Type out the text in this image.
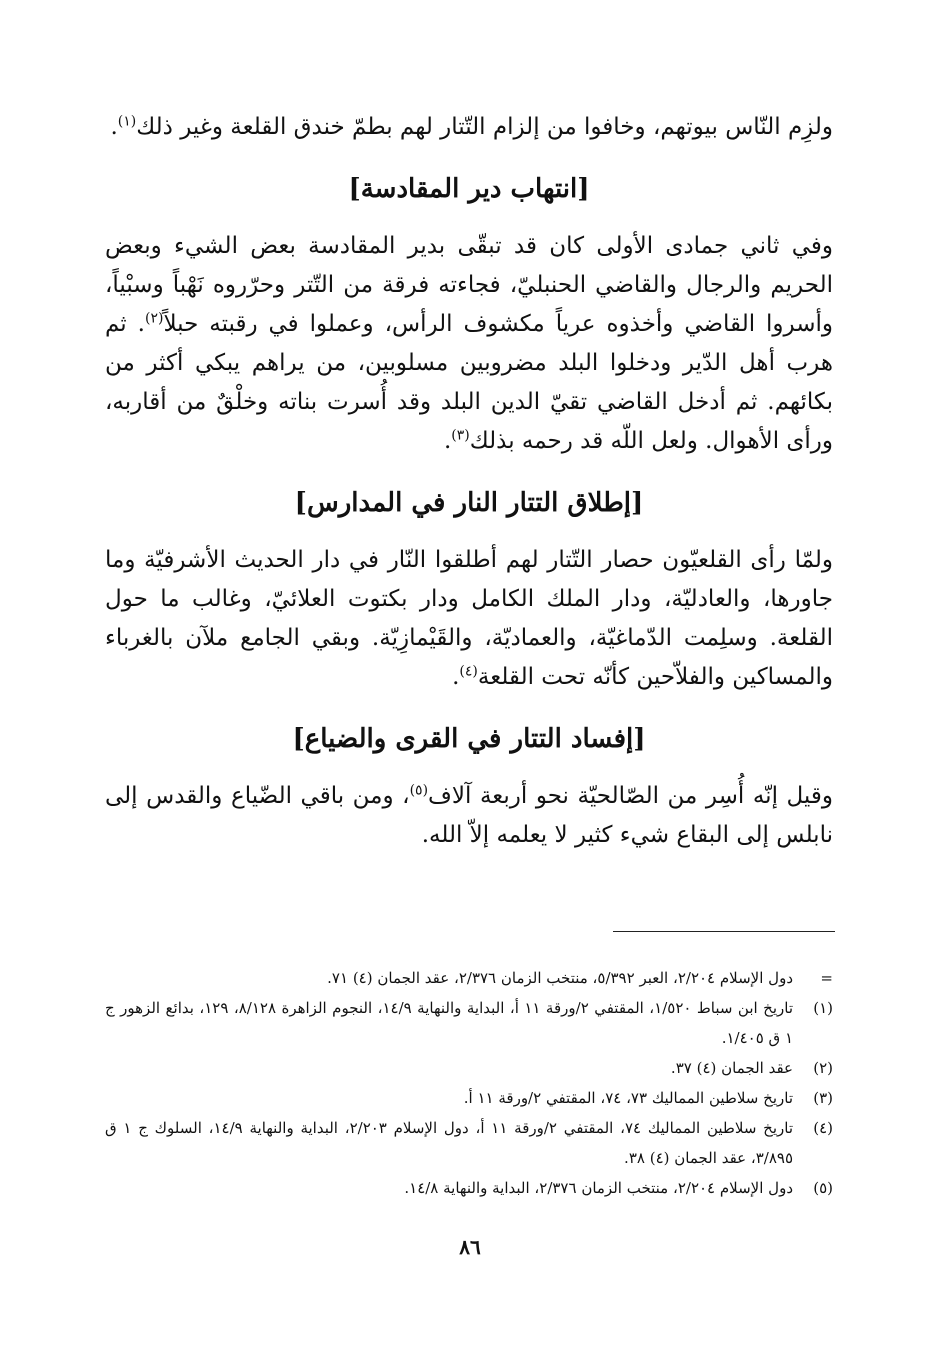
ولزِم النّاس بيوتهم، وخافوا من إلزام التّتار لهم بطمّ خندق القلعة وغير ذلك$^{(١)}$.

[انتهاب دير المقادسة]

وفي ثاني جمادى الأولى كان قد تبقّى بدير المقادسة بعض الشيء وبعض الحريم والرجال والقاضي الحنبليّ، فجاءته فرقة من التّتر وحرّروه نَهْباً وسبْياً، وأسروا القاضي وأخذوه عرياً مكشوف الرأس، وعملوا في رقبته حبلاً$^{(٢)}$. ثم هرب أهل الدّير ودخلوا البلد مضروبين مسلوبين، من يراهم يبكي أكثر من بكائهم. ثم أدخل القاضي تقيّ الدين البلد وقد أُسرت بناته وخلْقٌ من أقاربه، ورأى الأهوال. ولعل اللّه قد رحمه بذلك$^{(٣)}$.

[إطلاق التتار النار في المدارس]

ولمّا رأى القلعيّون حصار التّتار لهم أطلقوا النّار في دار الحديث الأشرفيّة وما جاورها، والعادليّة، ودار الملك الكامل ودار بكتوت العلائيّ، وغالب ما حول القلعة. وسلِمت الدّماغيّة، والعماديّة، والقَيْمازِيّة. وبقي الجامع ملآن بالغرباء والمساكين والفلاّحين كأنّه تحت القلعة$^{(٤)}$.

[إفساد التتار في القرى والضياع]

وقيل إنّه أُسِر من الصّالحيّة نحو أربعة آلاف$^{(٥)}$، ومن باقي الضّياع والقدس إلى نابلس إلى البقاع شيء كثير لا يعلمه إلاّ الله.

=
دول الإسلام ٢/٢٠٤، العبر ٥/٣٩٢، منتخب الزمان ٢/٣٧٦، عقد الجمان (٤) ٧١.
(١)
تاريخ ابن سباط ١/٥٢٠، المقتفي ٢/ورقة ١١ أ، البداية والنهاية ١٤/٩، النجوم الزاهرة ٨/١٢٨، ١٢٩، بدائع الزهور ج ١ ق ١/٤٠٥.
(٢)
عقد الجمان (٤) ٣٧.
(٣)
تاريخ سلاطين المماليك ٧٣، ٧٤، المقتفي ٢/ورقة ١١ أ.
(٤)
تاريخ سلاطين المماليك ٧٤، المقتفي ٢/ورقة ١١ أ، دول الإسلام ٢/٢٠٣، البداية والنهاية ١٤/٩، السلوك ج ١ ق ٣/٨٩٥، عقد الجمان (٤) ٣٨.
(٥)
دول الإسلام ٢/٢٠٤، منتخب الزمان ٢/٣٧٦، البداية والنهاية ١٤/٨.
٨٦
